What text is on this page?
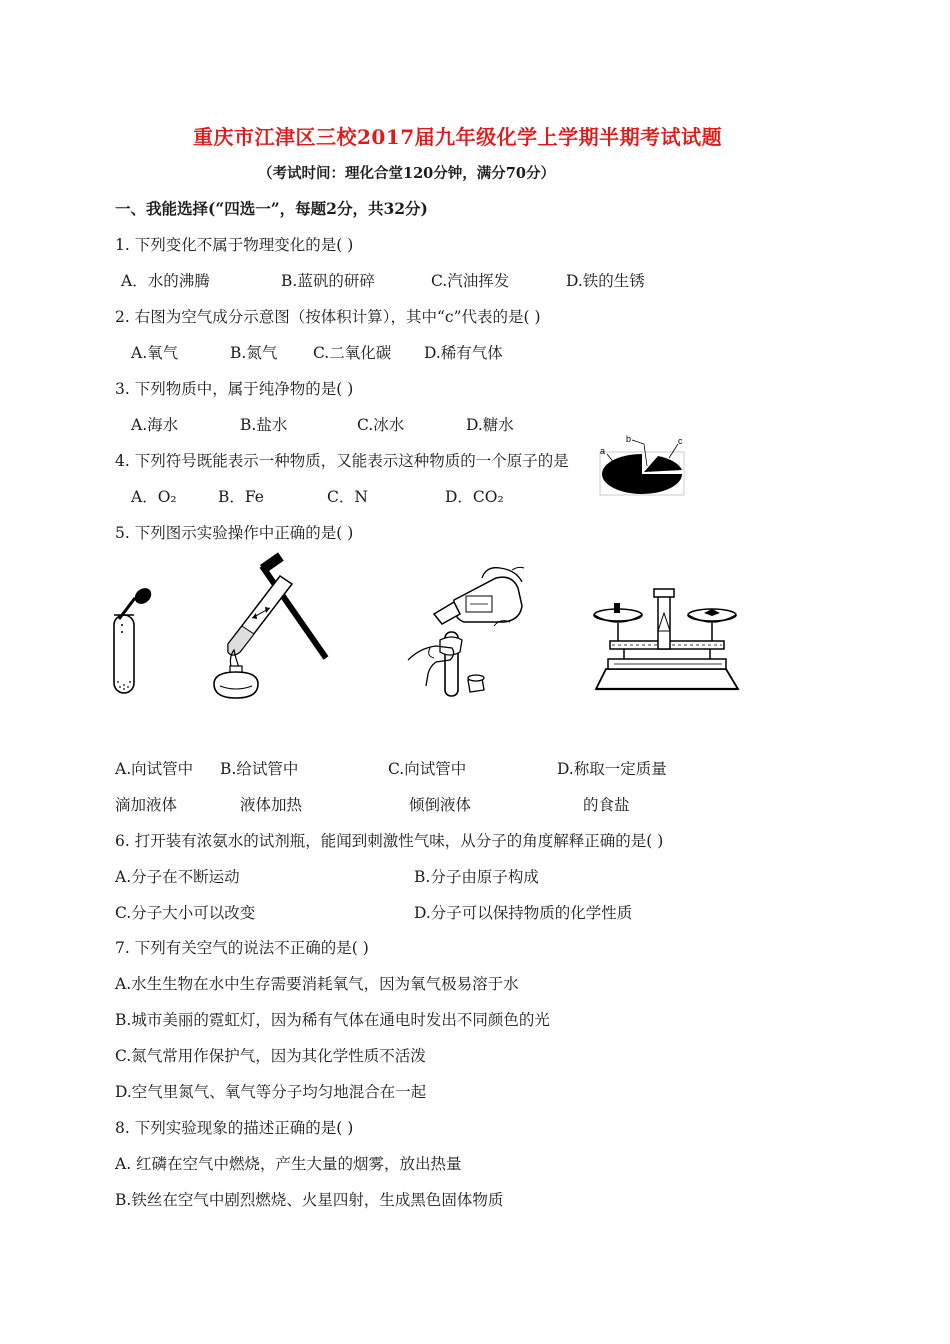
重庆市江津区三校2017届九年级化学上学期半期考试试题
（考试时间：理化合堂120分钟，满分70分）
一、我能选择(“四选一”，每题2分，共32分)
1. 下列变化不属于物理变化的是( )
A．水的沸腾	B.蓝矾的研碎	C.汽油挥发	D.铁的生锈
2. 右图为空气成分示意图（按体积计算），其中“c”代表的是( )
A.氧气	B.氮气 C.二氧化碳 D.稀有气体
3. 下列物质中，属于纯净物的是( )
A.海水	B.盐水	C.冰水	D.糖水
4. 下列符号既能表示一种物质，又能表示这种物质的一个原子的是
A．O₂	B．Fe	C．N	D．CO₂
a
b	c
5. 下列图示实验操作中正确的是( )
A.向试管中 B.给试管中	C.向试管中	D.称取一定质量
滴加液体	液体加热	倾倒液体	的食盐
6. 打开装有浓氨水的试剂瓶，能闻到刺激性气味，从分子的角度解释正确的是( )
A.分子在不断运动	B.分子由原子构成
C.分子大小可以改变	D.分子可以保持物质的化学性质
7. 下列有关空气的说法不正确的是( )
A.水生生物在水中生存需要消耗氧气，因为氧气极易溶于水
B.城市美丽的霓虹灯，因为稀有气体在通电时发出不同颜色的光
C.氮气常用作保护气，因为其化学性质不活泼
D.空气里氮气、氧气等分子均匀地混合在一起
8. 下列实验现象的描述正确的是( )
A. 红磷在空气中燃烧，产生大量的烟雾，放出热量
B.铁丝在空气中剧烈燃烧、火星四射，生成黑色固体物质
